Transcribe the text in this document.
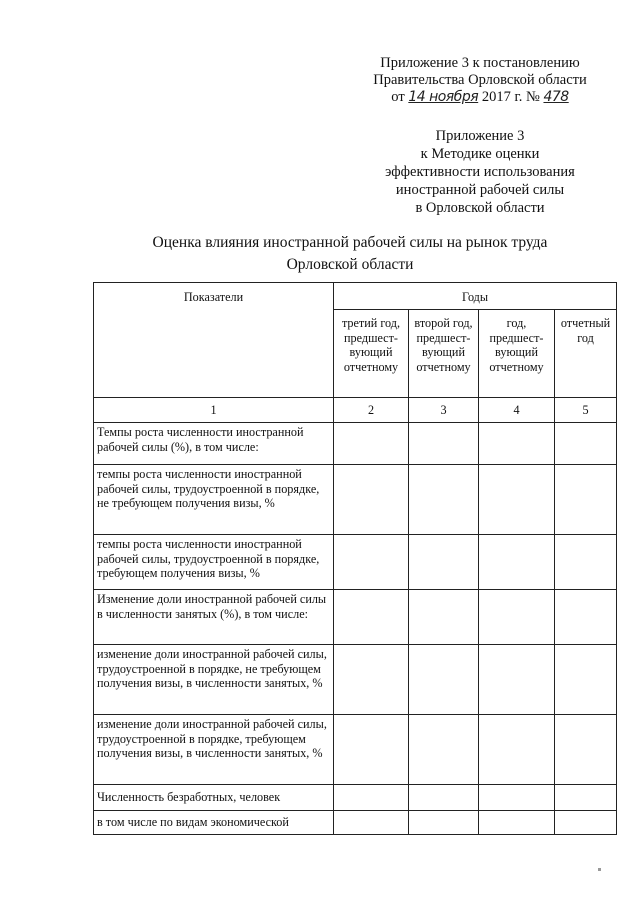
Приложение 3 к постановлению
Правительства Орловской области
от 14 ноября 2017 г. № 478
Приложение 3
к Методике оценки
эффективности использования
иностранной рабочей силы
в Орловской области
Оценка влияния иностранной рабочей силы на рынок труда
Орловской области
Показатели	Годы			
	третий год, предшест-вующий отчетному	второй год, предшест-вующий отчетному	год, предшест-вующий отчетному	отчетный год
1	2	3	4	5
Темпы роста численности иностранной рабочей силы (%), в том числе:				
темпы роста численности иностранной рабочей силы, трудоустроенной в порядке, не требующем получения визы, %				
темпы роста численности иностранной рабочей силы, трудоустроенной в порядке, требующем получения визы, %				
Изменение доли иностранной рабочей силы в численности занятых (%), в том числе:				
изменение доли иностранной рабочей силы, трудоустроенной в порядке, не требующем получения визы, в численности занятых, %				
изменение доли иностранной рабочей силы, трудоустроенной в порядке, требующем получения визы, в численности занятых, %				
Численность безработных, человек				
в том числе по видам экономической				
